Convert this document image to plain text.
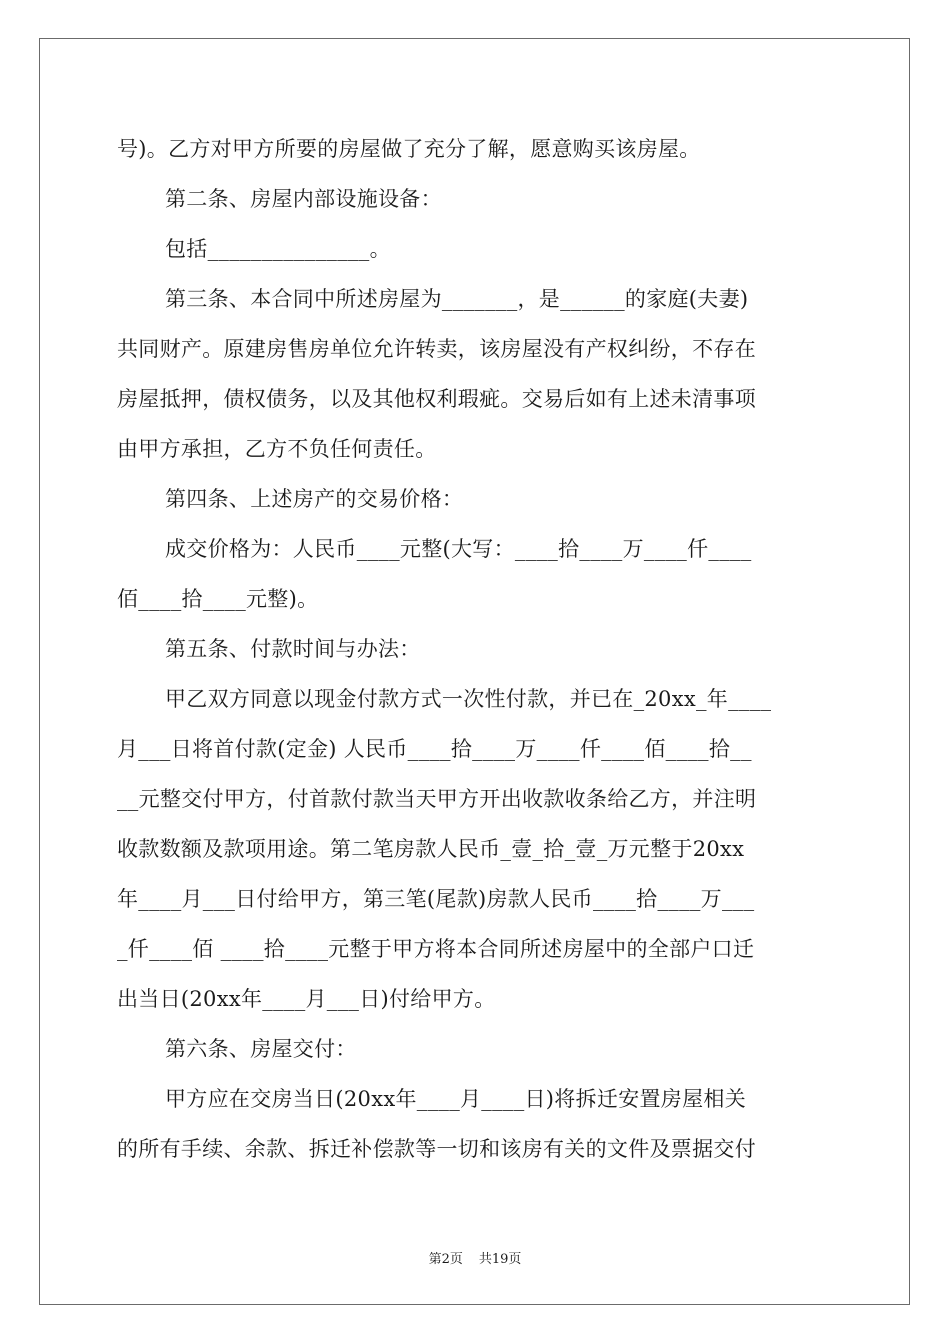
号)。乙方对甲方所要的房屋做了充分了解，愿意购买该房屋。
第二条、房屋内部设施设备：
包括_______________。
第三条、本合同中所述房屋为_______，是______的家庭(夫妻)
共同财产。原建房售房单位允许转卖，该房屋没有产权纠纷，不存在
房屋抵押，债权债务，以及其他权利瑕疵。交易后如有上述未清事项
由甲方承担，乙方不负任何责任。
第四条、上述房产的交易价格：
成交价格为：人民币____元整(大写：____拾____万____仟____
佰____拾____元整)。
第五条、付款时间与办法：
甲乙双方同意以现金付款方式一次性付款，并已在_20xx_年____
月___日将首付款(定金) 人民币____拾____万____仟____佰____拾__
__元整交付甲方，付首款付款当天甲方开出收款收条给乙方，并注明
收款数额及款项用途。第二笔房款人民币_壹_拾_壹_万元整于20xx
年____月___日付给甲方，第三笔(尾款)房款人民币____拾____万___
_仟____佰 ____拾____元整于甲方将本合同所述房屋中的全部户口迁
出当日(20xx年____月___日)付给甲方。
第六条、房屋交付：
甲方应在交房当日(20xx年____月____日)将拆迁安置房屋相关
的所有手续、余款、拆迁补偿款等一切和该房有关的文件及票据交付
第2页 共19页
